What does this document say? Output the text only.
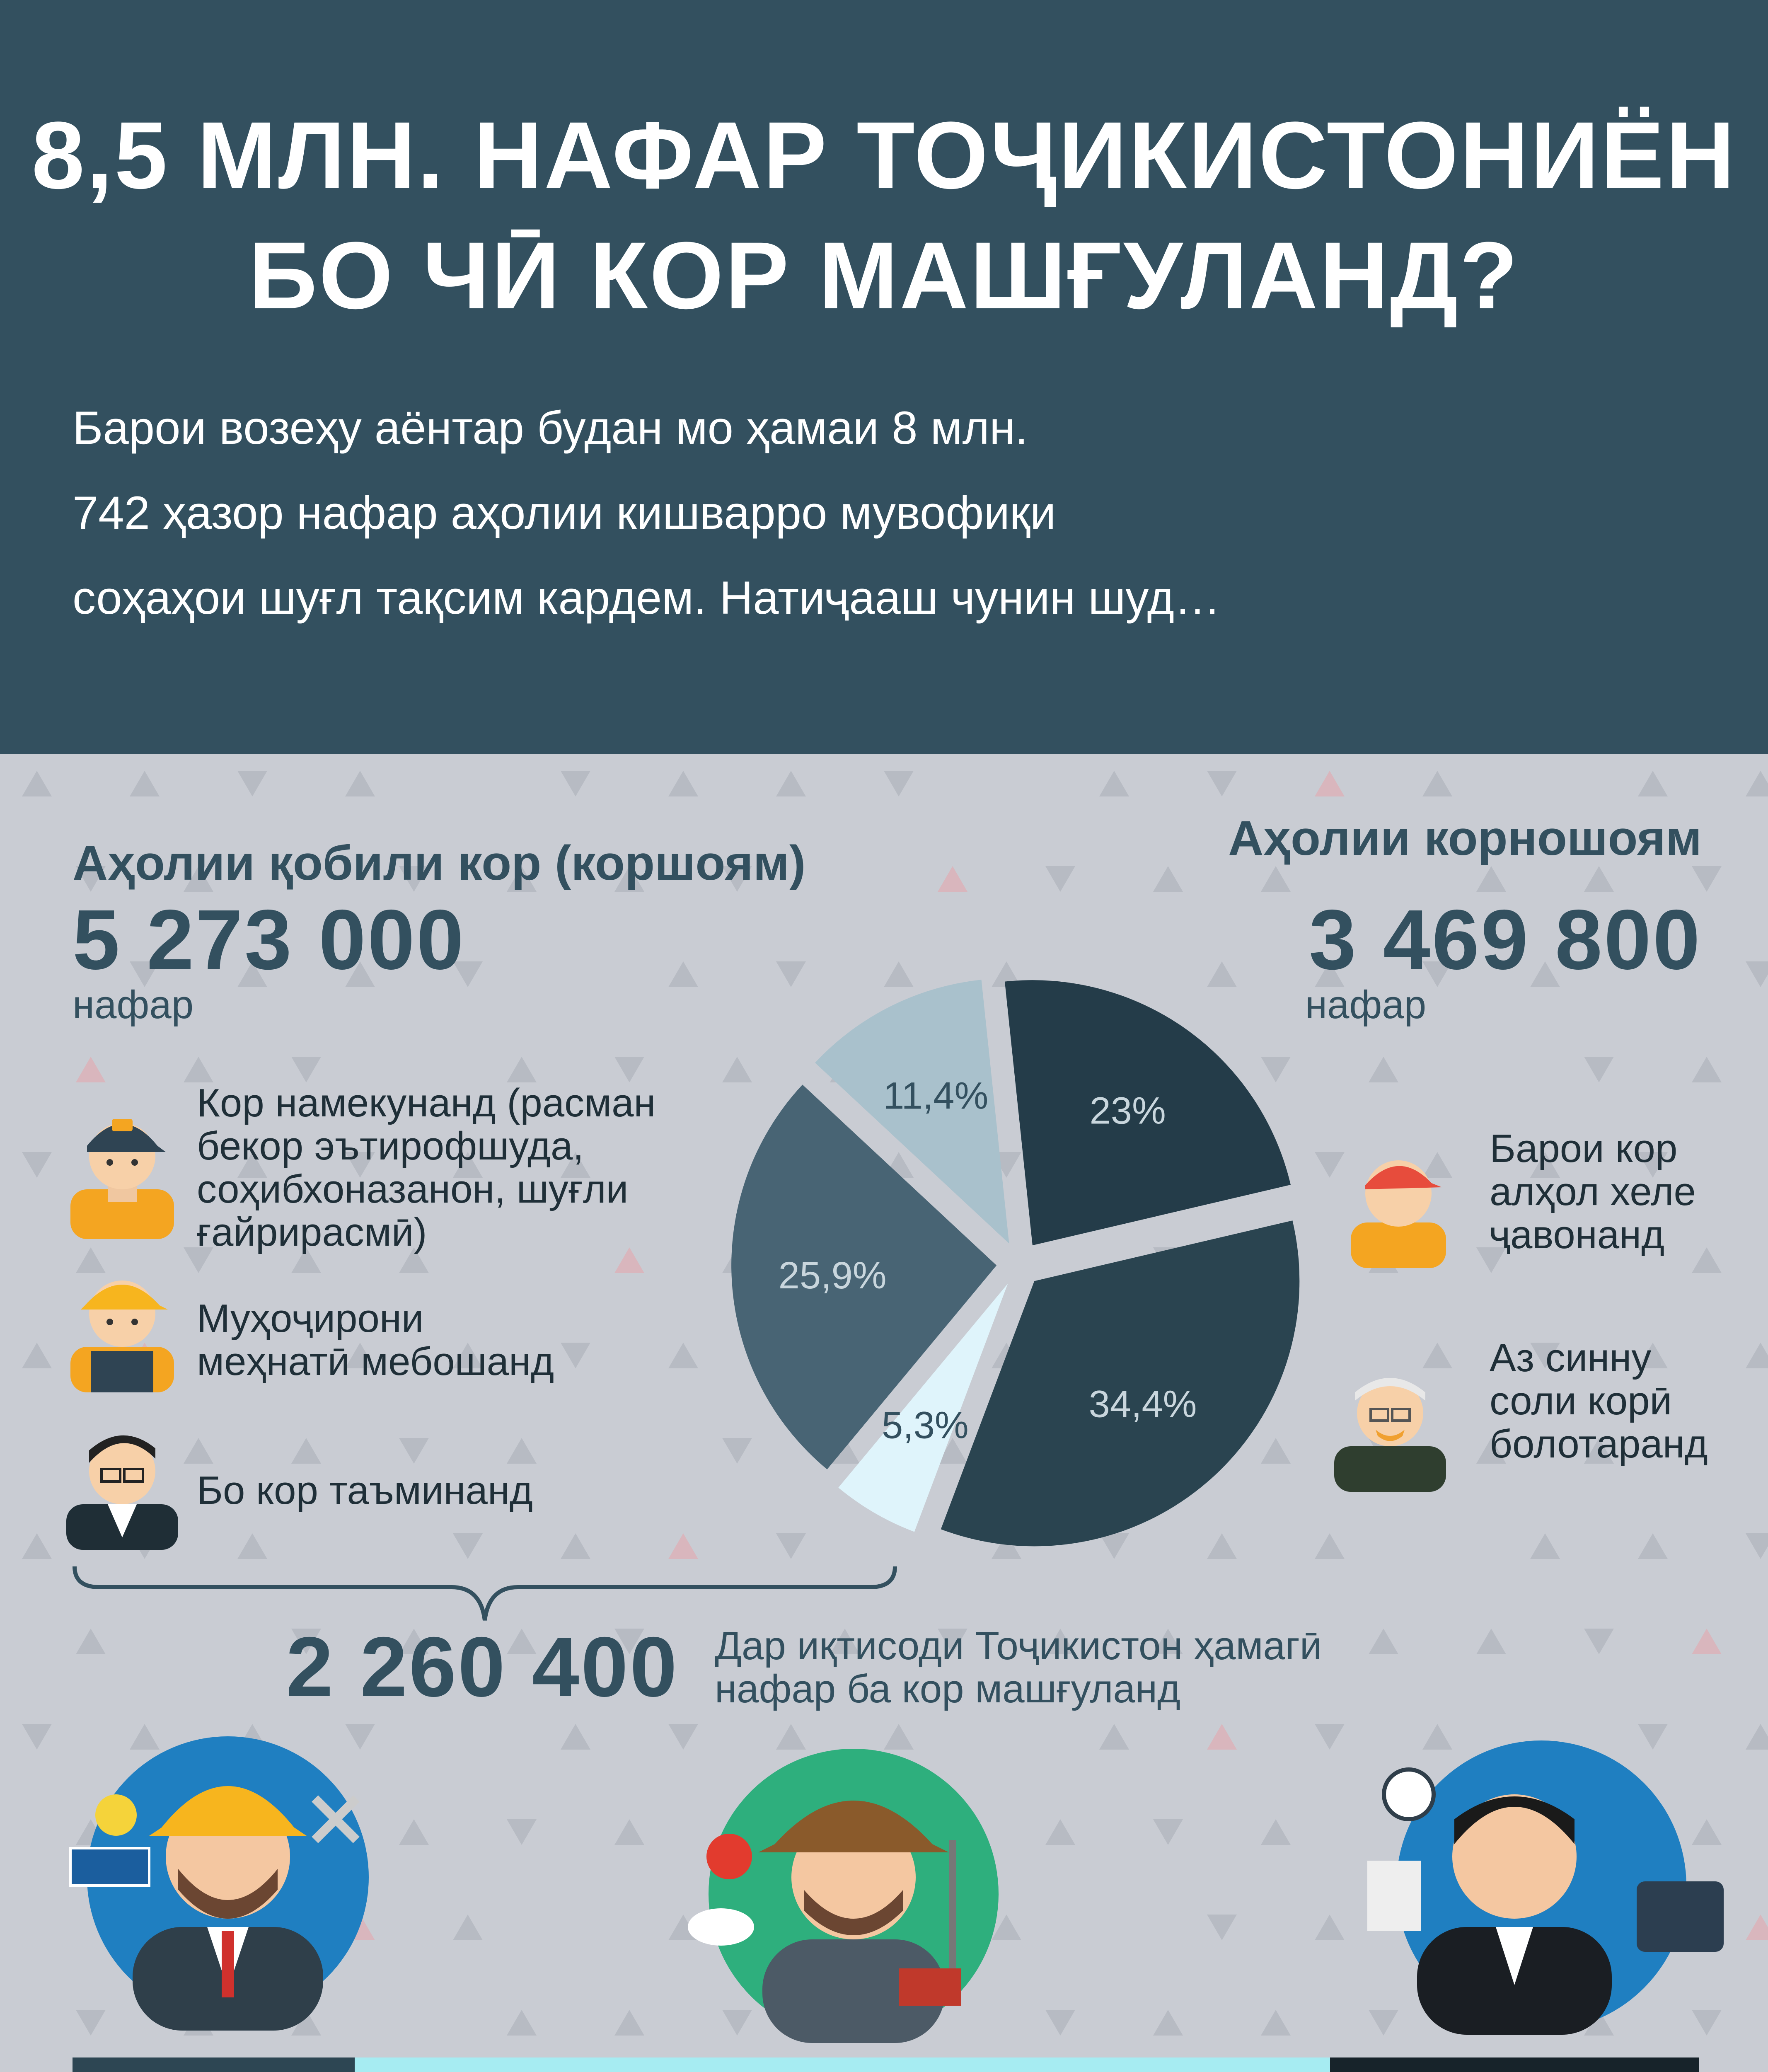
8,5 МЛН. НАФАР ТОҶИКИСТОНИЁН
БО ЧӢ КОР МАШҒУЛАНД?
Барои возеҳу аёнтар будан мо ҳамаи 8 млн.
742 ҳазор нафар аҳолии кишварро мувофиқи
соҳаҳои шуғл тақсим кардем. Натиҷааш чунин шуд…
Аҳолии қобили кор (коршоям)
5 273 000
нафар
Кор намекунанд (расман
бекор эътирофшуда,
соҳибхоназанон, шуғли
ғайрирасмӣ)
Муҳоҷирони
меҳнатӣ мебошанд
Бо кор таъминанд
Аҳолии корношоям
3 469 800
нафар
Барои кор
алҳол хеле
ҷавонанд
Аз синну
соли корӣ
болотаранд
23%
34,4%
5,3%
25,9%
11,4%
2 260 400 Дар иқтисоди Тоҷикистон ҳамагӣ
нафар ба кор машғуланд
